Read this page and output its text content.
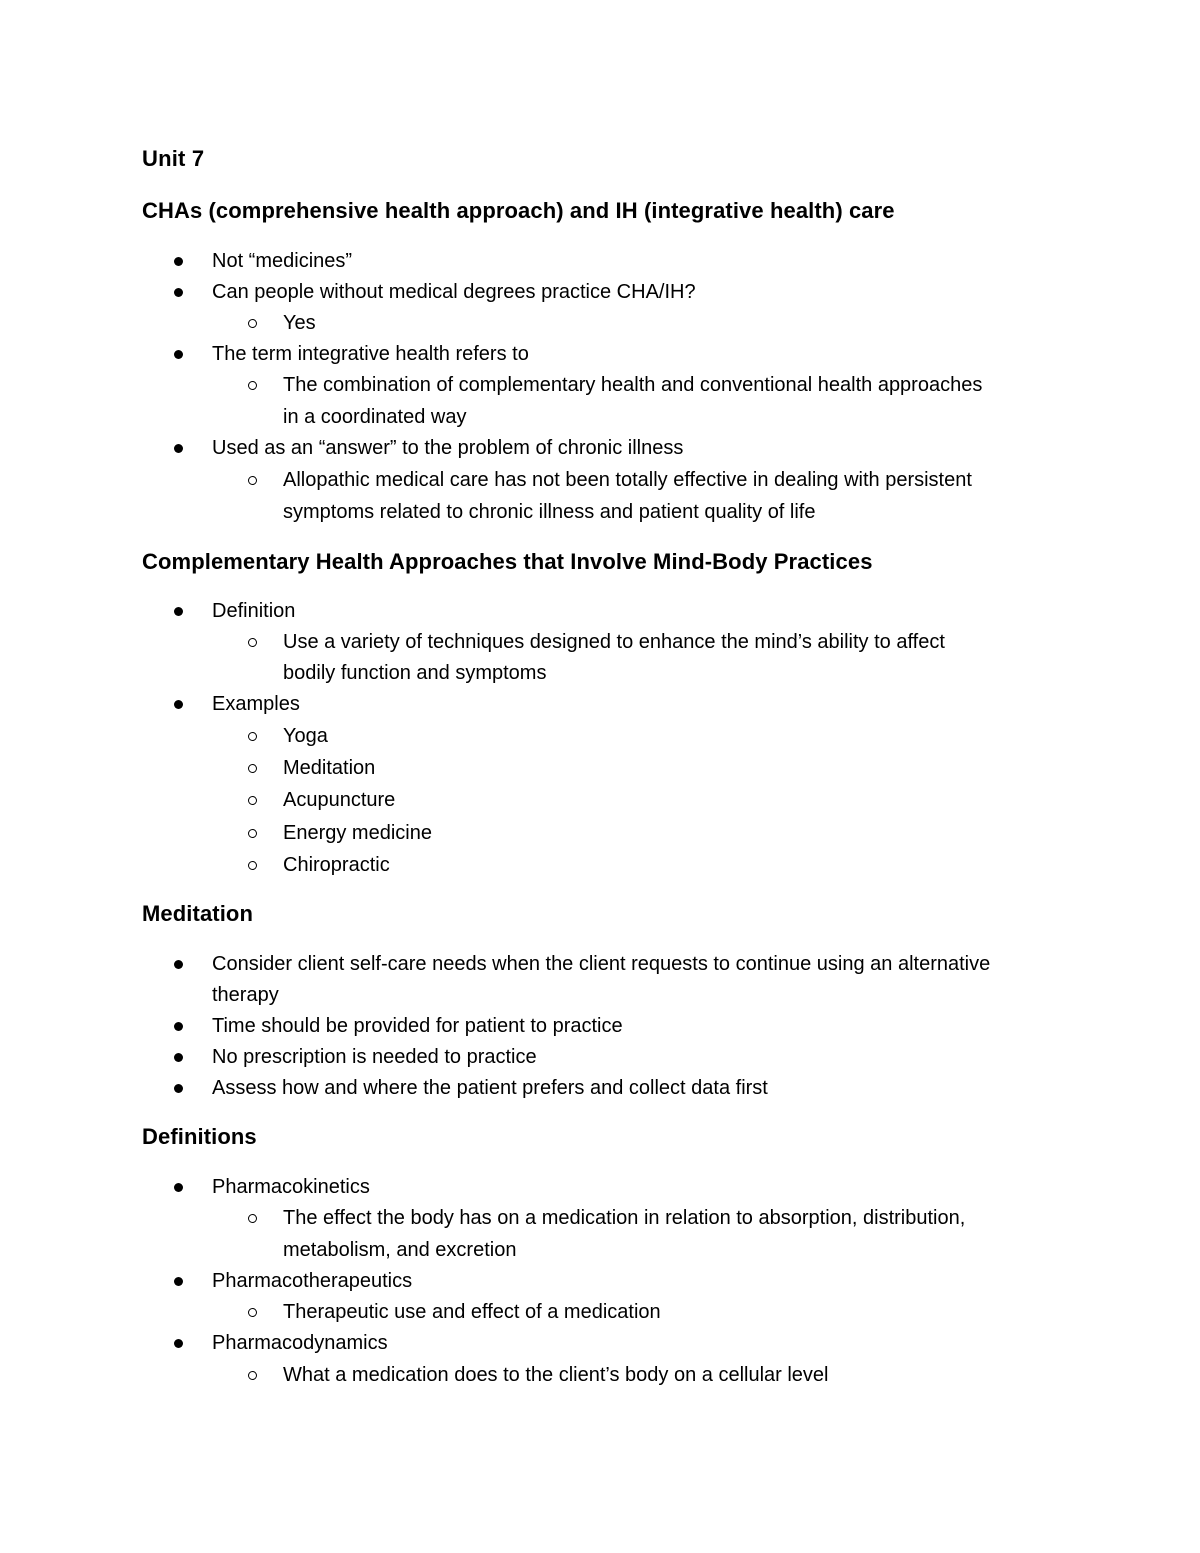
Unit 7
CHAs (comprehensive health approach) and IH (integrative health) care
Not “medicines”
Can people without medical degrees practice CHA/IH?
Yes
The term integrative health refers to
The combination of complementary health and conventional health approaches
in a coordinated way
Used as an “answer” to the problem of chronic illness
Allopathic medical care has not been totally effective in dealing with persistent
symptoms related to chronic illness and patient quality of life
Complementary Health Approaches that Involve Mind-Body Practices
Definition
Use a variety of techniques designed to enhance the mind’s ability to affect
bodily function and symptoms
Examples
Yoga
Meditation
Acupuncture
Energy medicine
Chiropractic
Meditation
Consider client self-care needs when the client requests to continue using an alternative
therapy
Time should be provided for patient to practice
No prescription is needed to practice
Assess how and where the patient prefers and collect data first
Definitions
Pharmacokinetics
The effect the body has on a medication in relation to absorption, distribution,
metabolism, and excretion
Pharmacotherapeutics
Therapeutic use and effect of a medication
Pharmacodynamics
What a medication does to the client’s body on a cellular level
